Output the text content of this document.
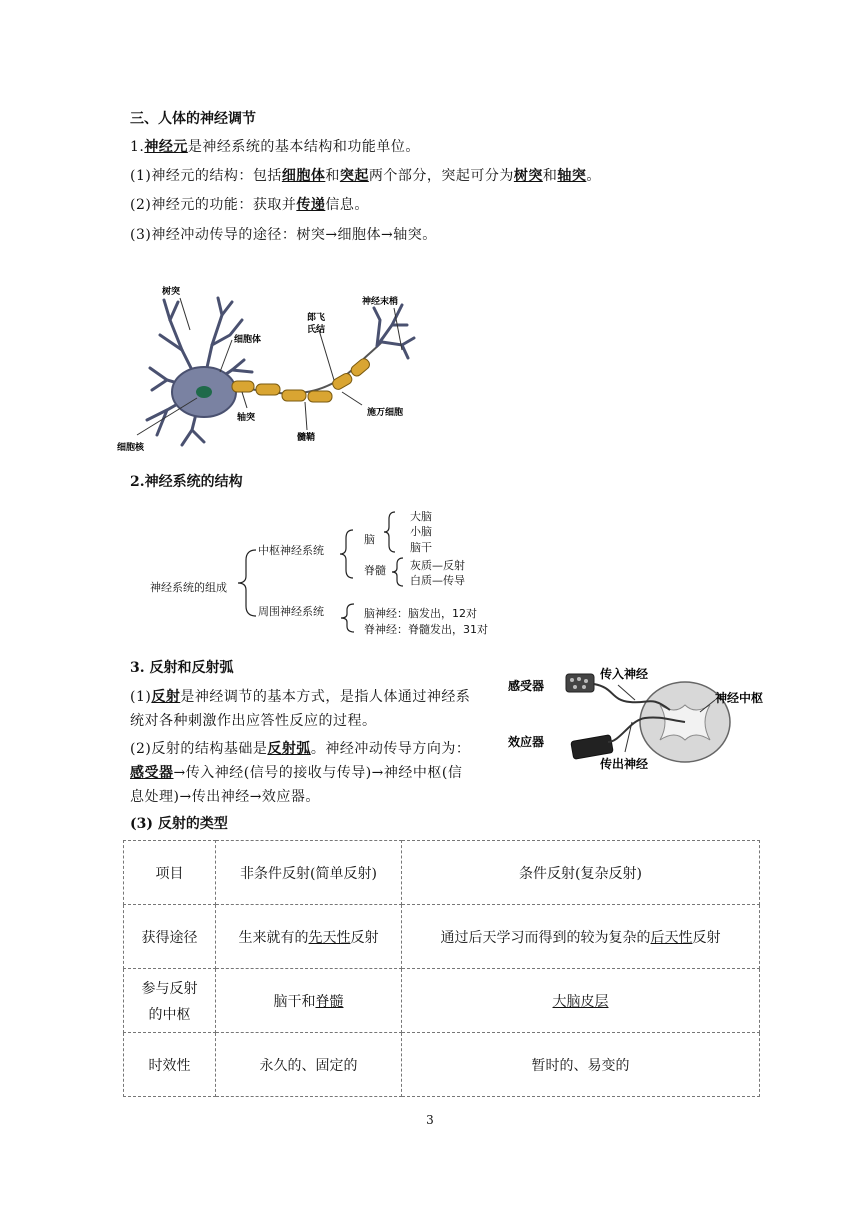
三、人体的神经调节
1.神经元是神经系统的基本结构和功能单位。
(1)神经元的结构：包括细胞体和突起两个部分，突起可分为树突和轴突。
(2)神经元的功能：获取并传递信息。
(3)神经冲动传导的途径：树突→细胞体→轴突。
树突
细胞体
郎飞
氏结
神经末梢
轴突
髓鞘
施万细胞
细胞核
2.神经系统的结构
神经系统的组成
中枢神经系统
周围神经系统
脑
脊髓
大脑
小脑
脑干
灰质—反射
白质—传导
脑神经：脑发出，12对
脊神经：脊髓发出，31对
3. 反射和反射弧
(1)反射是神经调节的基本方式，是指人体通过神经系
统对各种刺激作出应答性反应的过程。
(2)反射的结构基础是反射弧。神经冲动传导方向为：
感受器→传入神经(信号的接收与传导)→神经中枢(信
息处理)→传出神经→效应器。
感受器
传入神经
神经中枢
效应器
传出神经
(3) 反射的类型
项目	非条件反射(简单反射)	条件反射(复杂反射)
获得途径	生来就有的先天性反射	通过后天学习而得到的较为复杂的后天性反射

参与反射
的中枢	脑干和脊髓	大脑皮层
时效性	永久的、固定的	暂时的、易变的
3
